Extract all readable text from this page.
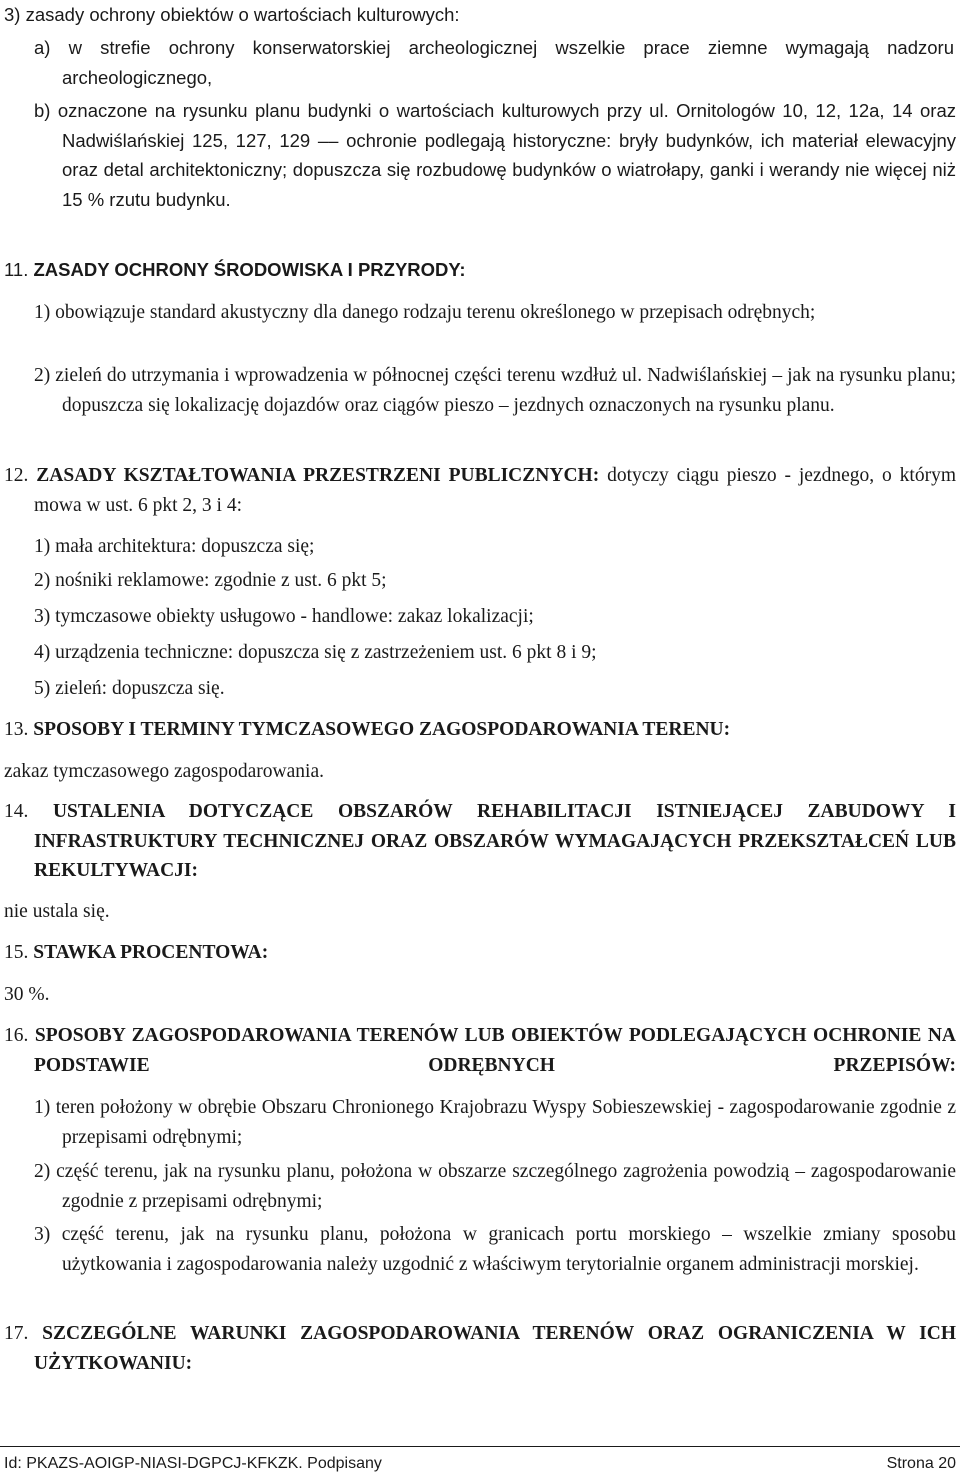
3) zasady ochrony obiektów o wartościach kulturowych:

a) w strefie ochrony konserwatorskiej archeologicznej wszelkie prace ziemne wymagają nadzoru archeologicznego,

b) oznaczone na rysunku planu budynki o wartościach kulturowych przy ul. Ornitologów 10, 12, 12a, 14 oraz Nadwiślańskiej 125, 127, 129 –– ochronie podlegają historyczne: bryły budynków, ich materiał elewacyjny oraz detal architektoniczny; dopuszcza się rozbudowę budynków o wiatrołapy, ganki i werandy nie więcej niż 15 % rzutu budynku.

11. ZASADY OCHRONY ŚRODOWISKA I PRZYRODY:

1) obowiązuje standard akustyczny dla danego rodzaju terenu określonego w przepisach odrębnych;

2) zieleń do utrzymania i wprowadzenia w północnej części terenu wzdłuż ul. Nadwiślańskiej – jak na rysunku planu; dopuszcza się lokalizację dojazdów oraz ciągów pieszo – jezdnych oznaczonych na rysunku planu.

12. ZASADY KSZTAŁTOWANIA PRZESTRZENI PUBLICZNYCH: dotyczy ciągu pieszo - jezdnego, o którym mowa w ust. 6 pkt 2, 3 i 4:

1) mała architektura: dopuszcza się;

2) nośniki reklamowe: zgodnie z ust. 6 pkt 5;

3) tymczasowe obiekty usługowo - handlowe: zakaz lokalizacji;

4) urządzenia techniczne: dopuszcza się z zastrzeżeniem ust. 6 pkt 8 i 9;

5) zieleń: dopuszcza się.

13. SPOSOBY I TERMINY TYMCZASOWEGO ZAGOSPODAROWANIA TERENU:

zakaz tymczasowego zagospodarowania.

14. USTALENIA DOTYCZĄCE OBSZARÓW REHABILITACJI ISTNIEJĄCEJ ZABUDOWY I INFRASTRUKTURY TECHNICZNEJ ORAZ OBSZARÓW WYMAGAJĄCYCH PRZEKSZTAŁCEŃ LUB REKULTYWACJI:

nie ustala się.

15. STAWKA PROCENTOWA:

30 %.

16. SPOSOBY ZAGOSPODAROWANIA TERENÓW LUB OBIEKTÓW PODLEGAJĄCYCH OCHRONIE NA PODSTAWIE ODRĘBNYCH PRZEPISÓW:

1) teren położony w obrębie Obszaru Chronionego Krajobrazu Wyspy Sobieszewskiej - zagospodarowanie zgodnie z przepisami odrębnymi;

2) część terenu, jak na rysunku planu, położona w obszarze szczególnego zagrożenia powodzią – zagospodarowanie zgodnie z przepisami odrębnymi;

3) część terenu, jak na rysunku planu, położona w granicach portu morskiego – wszelkie zmiany sposobu użytkowania i zagospodarowania należy uzgodnić z właściwym terytorialnie organem administracji morskiej.

17. SZCZEGÓLNE WARUNKI ZAGOSPODAROWANIA TERENÓW ORAZ OGRANICZENIA W ICH UŻYTKOWANIU:

Id: PKAZS-AOIGP-NIASI-DGPCJ-KFKZK. Podpisany	Strona 20
